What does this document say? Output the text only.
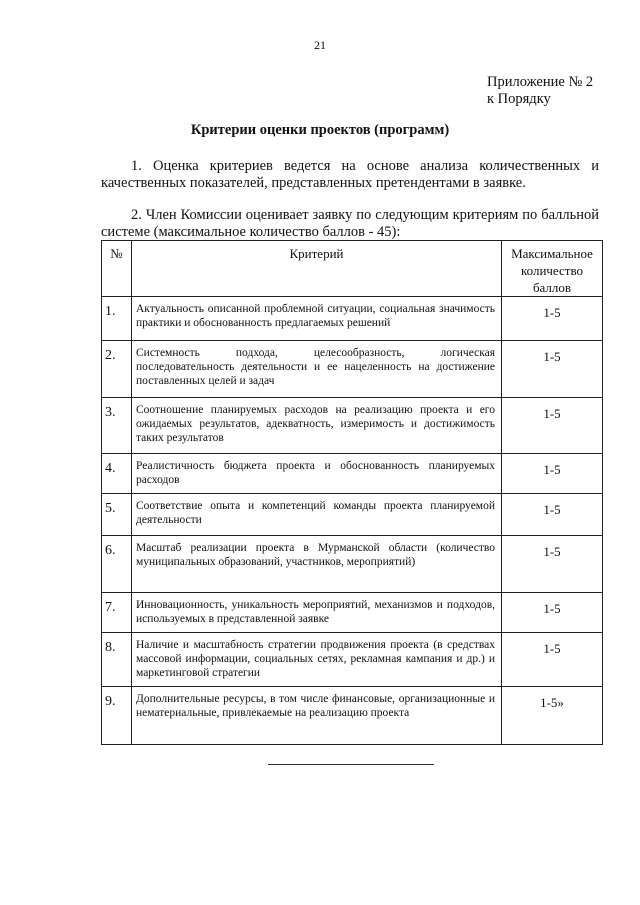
21
Приложение № 2
к Порядку
Критерии оценки проектов (программ)
1. Оценка критериев ведется на основе анализа количественных и качественных показателей, представленных претендентами в заявке.
2. Член Комиссии оценивает заявку по следующим критериям по балльной системе (максимальное количество баллов - 45):
№	Критерий	Максимальное количество баллов
1.	Актуальность описанной проблемной ситуации, социальная значимость практики и обоснованность предлагаемых решений	1-5
2.	Системность подхода, целесообразность, логическая последовательность деятельности и ее нацеленность на достижение поставленных целей и задач	1-5
3.	Соотношение планируемых расходов на реализацию проекта и его ожидаемых результатов, адекватность, измеримость и достижимость таких результатов	1-5
4.	Реалистичность бюджета проекта и обоснованность планируемых расходов	1-5
5.	Соответствие опыта и компетенций команды проекта планируемой деятельности	1-5
6.	Масштаб реализации проекта в Мурманской области (количество муниципальных образований, участников, мероприятий)	1-5
7.	Инновационность, уникальность мероприятий, механизмов и подходов, используемых в представленной заявке	1-5
8.	Наличие и масштабность стратегии продвижения проекта (в средствах массовой информации, социальных сетях, рекламная кампания и др.) и маркетинговой стратегии	1-5
9.	Дополнительные ресурсы, в том числе финансовые, организационные и нематериальные, привлекаемые на реализацию проекта	1-5»
